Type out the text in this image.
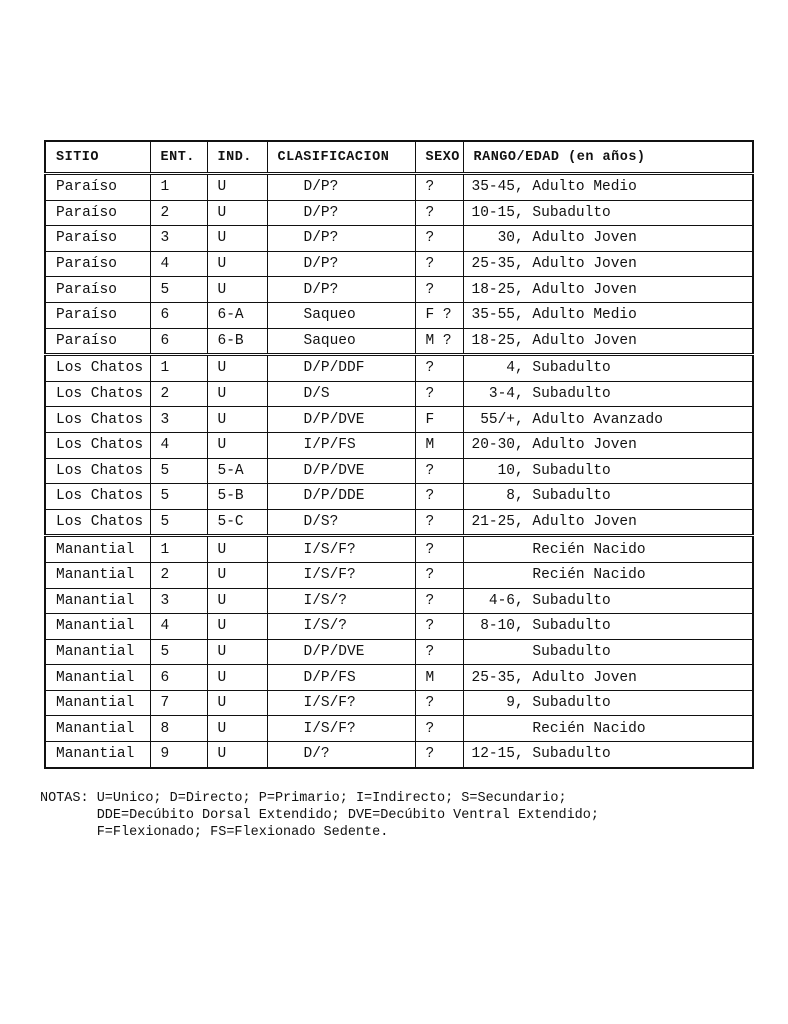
SITIO	ENT.	IND.	CLASIFICACION	SEXO	RANGO/EDAD (en años)
Paraíso	1	U	D/P?	?	35-45, Adulto Medio
Paraíso	2	U	D/P?	?	10-15, Subadulto
Paraíso	3	U	D/P?	?	30, Adulto Joven
Paraíso	4	U	D/P?	?	25-35, Adulto Joven
Paraíso	5	U	D/P?	?	18-25, Adulto Joven
Paraíso	6	6-A	Saqueo	F ?	35-55, Adulto Medio
Paraíso	6	6-B	Saqueo	M ?	18-25, Adulto Joven
Los Chatos	1	U	D/P/DDF	?	4, Subadulto
Los Chatos	2	U	D/S	?	3-4, Subadulto
Los Chatos	3	U	D/P/DVE	F	55/+, Adulto Avanzado
Los Chatos	4	U	I/P/FS	M	20-30, Adulto Joven
Los Chatos	5	5-A	D/P/DVE	?	10, Subadulto
Los Chatos	5	5-B	D/P/DDE	?	8, Subadulto
Los Chatos	5	5-C	D/S?	?	21-25, Adulto Joven
Manantial	1	U	I/S/F?	?	Recién Nacido
Manantial	2	U	I/S/F?	?	Recién Nacido
Manantial	3	U	I/S/?	?	4-6, Subadulto
Manantial	4	U	I/S/?	?	8-10, Subadulto
Manantial	5	U	D/P/DVE	?	Subadulto
Manantial	6	U	D/P/FS	M	25-35, Adulto Joven
Manantial	7	U	I/S/F?	?	9, Subadulto
Manantial	8	U	I/S/F?	?	Recién Nacido
Manantial	9	U	D/?	?	12-15, Subadulto
NOTAS: U=Unico; D=Directo; P=Primario; I=Indirecto; S=Secundario;
DDE=Decúbito Dorsal Extendido; DVE=Decúbito Ventral Extendido;
F=Flexionado; FS=Flexionado Sedente.
